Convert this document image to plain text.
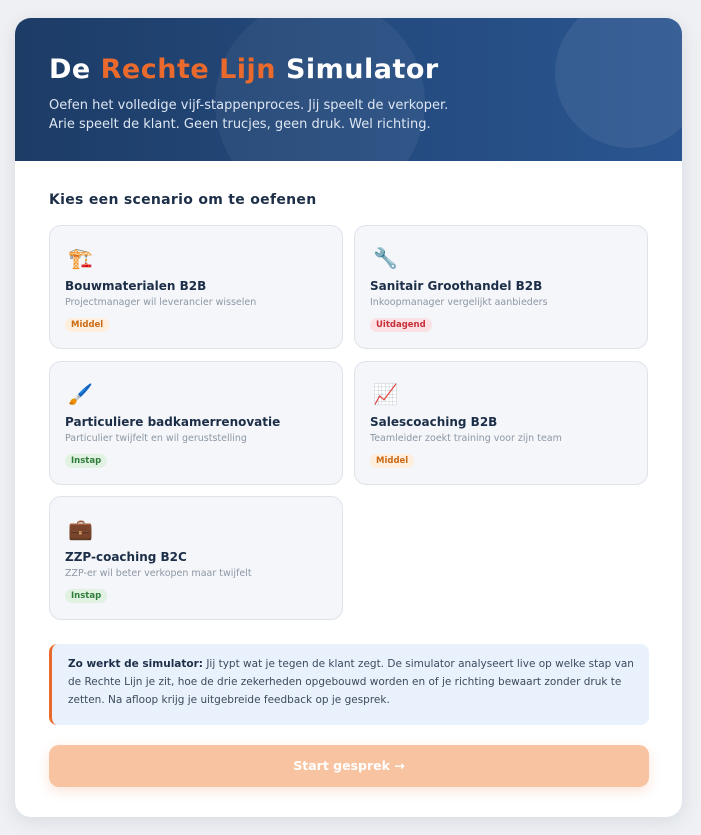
De Rechte Lijn Simulator
Oefen het volledige vijf-stappenproces. Jij speelt de verkoper. Arie speelt de klant. Geen trucjes, geen druk. Wel richting.
Kies een scenario om te oefenen
🏗️
Bouwmaterialen B2B
Projectmanager wil leverancier wisselen
Middel
🔧
Sanitair Groothandel B2B
Inkoopmanager vergelijkt aanbieders
Uitdagend
🖌️
Particuliere badkamerrenovatie
Particulier twijfelt en wil geruststelling
Instap
📈
Salescoaching B2B
Teamleider zoekt training voor zijn team
Middel
💼
ZZP-coaching B2C
ZZP-er wil beter verkopen maar twijfelt
Instap
Zo werkt de simulator: Jij typt wat je tegen de klant zegt. De simulator analyseert live op welke stap van de Rechte Lijn je zit, hoe de drie zekerheden opgebouwd worden en of je richting bewaart zonder druk te zetten. Na afloop krijg je uitgebreide feedback op je gesprek.
Start gesprek →
